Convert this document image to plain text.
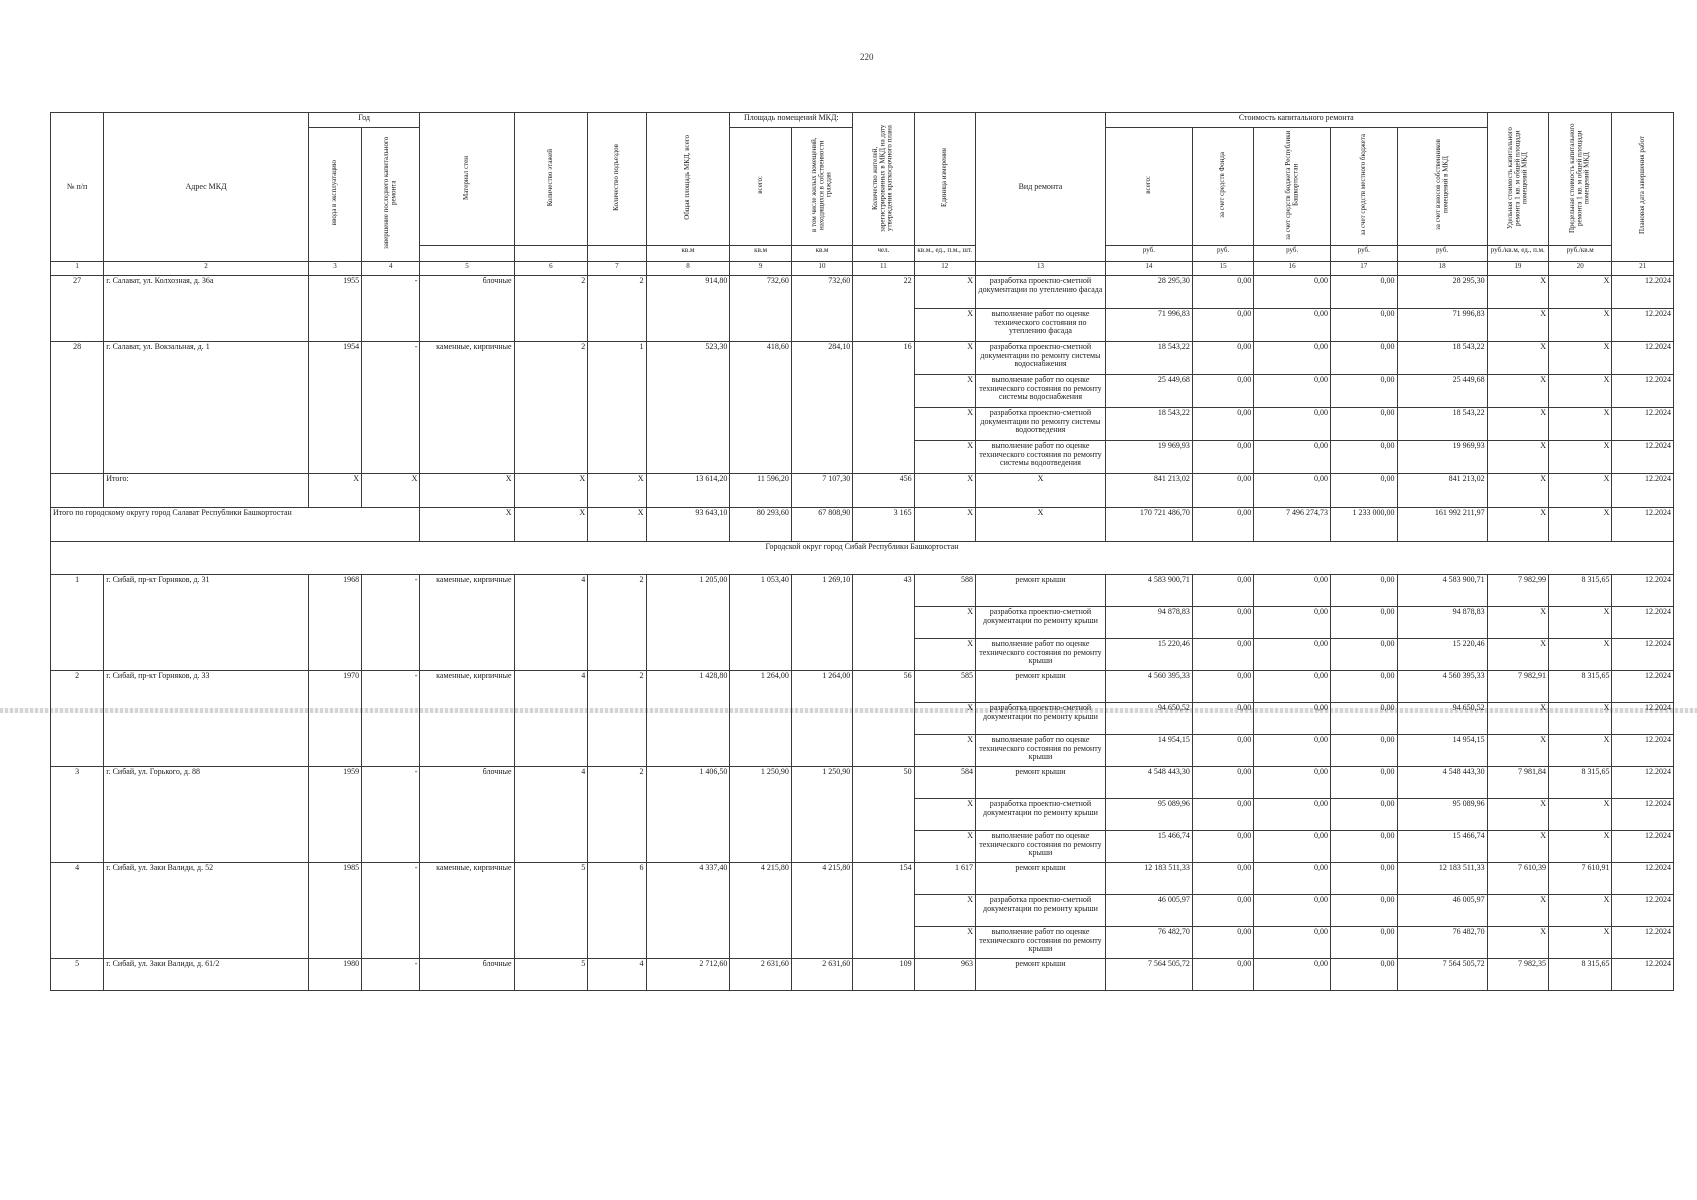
220
№ п/п	Адрес МКД	Год		Материал стен	Количество этажей	Количество подъездов	Общая площадь МКД, всего	Площадь помещений МКД:		Количество жителей, зарегистрированных в МКД на дату утверждения краткосрочного плана	Единица измерения	Вид ремонта	Стоимость капитального ремонта					Удельная стоимость капитального ремонта 1 кв. м общей площади помещений МКД	Предельная стоимость капитального ремонта 1 кв. м общей площади помещений МКД	Плановая дата завершения работ
		ввода в эксплуатацию	завершение последнего капитального ремонта					всего:	в том числе жилых помещений, находящихся в собственности граждан				всего:	за счет средств Фонда	за счет средств бюджета Республики Башкортостан	за счет средств местного бюджета	за счет взносов собственников помещений в МКД			
							кв.м	кв.м	кв.м	чел.	кв.м., ед., п.м., шт.		руб.	руб.	руб.	руб.	руб.	руб./кв.м, ед., п.м.	руб./кв.м	
1	2	3	4	5	6	7	8	9	10	11	12	13	14	15	16	17	18	19	20	21
27	г. Салават, ул. Колхозная, д. 36а	1955	-	блочные	2	2	914,80	732,60	732,60	22	X	разработка проектно-сметной документации по утеплению фасада	28 295,30	0,00	0,00	0,00	28 295,30	X	X	12.2024
											X	выполнение работ по оценке технического состояния по утеплению фасада	71 996,83	0,00	0,00	0,00	71 996,83	X	X	12.2024
28	г. Салават, ул. Вокзальная, д. 1	1954	-	каменные, кирпичные	2	1	523,30	418,60	284,10	16	X	разработка проектно-сметной документации по ремонту системы водоснабжения	18 543,22	0,00	0,00	0,00	18 543,22	X	X	12.2024
											X	выполнение работ по оценке технического состояния по ремонту системы водоснабжения	25 449,68	0,00	0,00	0,00	25 449,68	X	X	12.2024
											X	разработка проектно-сметной документации по ремонту системы водоотведения	18 543,22	0,00	0,00	0,00	18 543,22	X	X	12.2024
											X	выполнение работ по оценке технического состояния по ремонту системы водоотведения	19 969,93	0,00	0,00	0,00	19 969,93	X	X	12.2024
	Итого:	X	X	X	X	X	13 614,20	11 596,20	7 107,30	456	X	X	841 213,02	0,00	0,00	0,00	841 213,02	X	X	12.2024
Итого по городскому округу город Салават Республики Башкортостан				X	X	X	93 643,10	80 293,60	67 808,90	3 165	X	X	170 721 486,70	0,00	7 496 274,73	1 233 000,00	161 992 211,97	X	X	12.2024
Городской округ город Сибай Республики Башкортостан																				
1	г. Сибай, пр-кт Горняков, д. 31	1968	-	каменные, кирпичные	4	2	1 205,00	1 053,40	1 269,10	43	588	ремонт крыши	4 583 900,71	0,00	0,00	0,00	4 583 900,71	7 982,99	8 315,65	12.2024
											X	разработка проектно-сметной документации по ремонту крыши	94 878,83	0,00	0,00	0,00	94 878,83	X	X	12.2024
											X	выполнение работ по оценке технического состояния по ремонту крыши	15 220,46	0,00	0,00	0,00	15 220,46	X	X	12.2024
2	г. Сибай, пр-кт Горняков, д. 33	1970	-	каменные, кирпичные	4	2	1 428,80	1 264,00	1 264,00	56	585	ремонт крыши	4 560 395,33	0,00	0,00	0,00	4 560 395,33	7 982,91	8 315,65	12.2024
											X	разработка проектно-сметной документации по ремонту крыши	94 650,52	0,00	0,00	0,00	94 650,52	X	X	12.2024
											X	выполнение работ по оценке технического состояния по ремонту крыши	14 954,15	0,00	0,00	0,00	14 954,15	X	X	12.2024
3	г. Сибай, ул. Горького, д. 88	1959	-	блочные	4	2	1 406,50	1 250,90	1 250,90	50	584	ремонт крыши	4 548 443,30	0,00	0,00	0,00	4 548 443,30	7 981,84	8 315,65	12.2024
											X	разработка проектно-сметной документации по ремонту крыши	95 089,96	0,00	0,00	0,00	95 089,96	X	X	12.2024
											X	выполнение работ по оценке технического состояния по ремонту крыши	15 466,74	0,00	0,00	0,00	15 466,74	X	X	12.2024
4	г. Сибай, ул. Заки Валиди, д. 52	1985	-	каменные, кирпичные	5	6	4 337,40	4 215,80	4 215,80	154	1 617	ремонт крыши	12 183 511,33	0,00	0,00	0,00	12 183 511,33	7 610,39	7 610,91	12.2024
											X	разработка проектно-сметной документации по ремонту крыши	46 005,97	0,00	0,00	0,00	46 005,97	X	X	12.2024
											X	выполнение работ по оценке технического состояния по ремонту крыши	76 482,70	0,00	0,00	0,00	76 482,70	X	X	12.2024
5	г. Сибай, ул. Заки Валиди, д. 61/2	1980	-	блочные	5	4	2 712,60	2 631,60	2 631,60	109	963	ремонт крыши	7 564 505,72	0,00	0,00	0,00	7 564 505,72	7 982,35	8 315,65	12.2024
